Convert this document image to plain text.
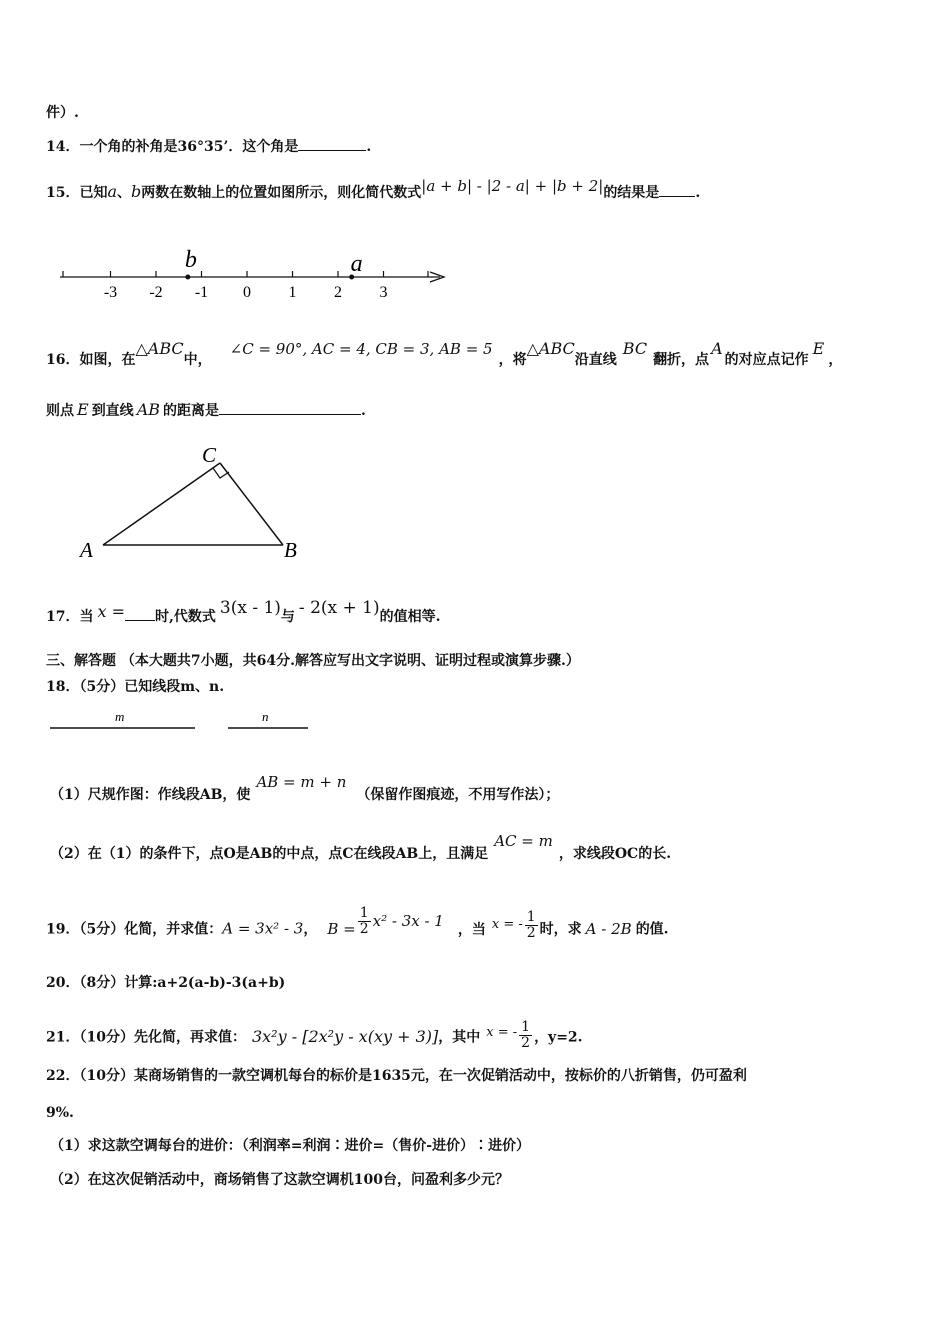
件）.
14．一个角的补角是36°35’．这个角是	.
15．已知a、b两数在数轴上的位置如图所示，则化简代数式|a + b| - |2 - a| + |b + 2|的结果是	.
-3 -2 -1 0 1 2 3
b	a
16．如图，在△ABC中，∠C = 90°, AC = 4, CB = 3, AB = 5，将△ABC沿直线BC翻折，点A的对应点记作E，
则点 E 到直线 AB 的距离是	.
A	B
C
17．当 x = 时,代数式 3(x - 1)与 - 2(x + 1)的值相等.
三、解答题 （本大题共7小题，共64分.解答应写出文字说明、证明过程或演算步骤.）
18．（5分）已知线段m、n.
m	n
（1）尺规作图：作线段AB，使AB = m + n（保留作图痕迹，不用写作法）；
（2）在（1）的条件下，点O是AB的中点，点C在线段AB上，且满足AC = m，求线段OC的长.
19．（5分）化简，并求值：A = 3x² - 3， $B = \frac{1}{2} x^2 - 3x - 1$ ，当 x = - $\frac{1}{2}$ 时，求 A - 2B 的值.
20．（8分）计算:a+2(a-b)-3(a+b)
21．（10分）先化简，再求值： 3x²y - [2x²y - x(xy + 3)]，其中 x = - $\frac{1}{2}$ ，y=2.
22．（10分）某商场销售的一款空调机每台的标价是1635元，在一次促销活动中，按标价的八折销售，仍可盈利
9%.
（1）求这款空调每台的进价：（利润率=利润∶进价=（售价-进价）∶进价）
（2）在这次促销活动中，商场销售了这款空调机100台，问盈利多少元？
